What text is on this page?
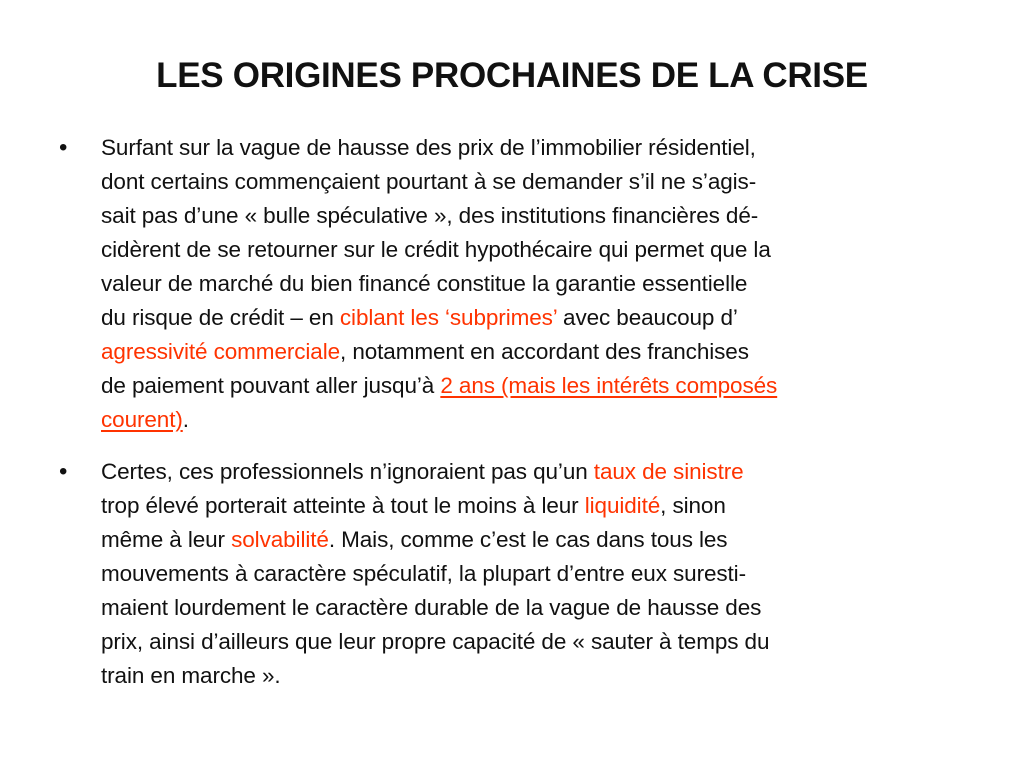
LES ORIGINES PROCHAINES DE LA CRISE
• Surfant sur la vague de hausse des prix de l’immobilier résidentiel,
dont certains commençaient pourtant à se demander s’il ne s’agis-
sait pas d’une « bulle spéculative », des institutions financières dé-
cidèrent de se retourner sur le crédit hypothécaire qui permet que la
valeur de marché du bien financé constitue la garantie essentielle
du risque de crédit – en ciblant les ‘subprimes’ avec beaucoup d’
agressivité commerciale, notamment en accordant des franchises
de paiement pouvant aller jusqu’à 2 ans (mais les intérêts composés
courent).
• Certes, ces professionnels n’ignoraient pas qu’un taux de sinistre
trop élevé porterait atteinte à tout le moins à leur liquidité, sinon
même à leur solvabilité. Mais, comme c’est le cas dans tous les
mouvements à caractère spéculatif, la plupart d’entre eux suresti-
maient lourdement le caractère durable de la vague de hausse des
prix, ainsi d’ailleurs que leur propre capacité de « sauter à temps du
train en marche ».
